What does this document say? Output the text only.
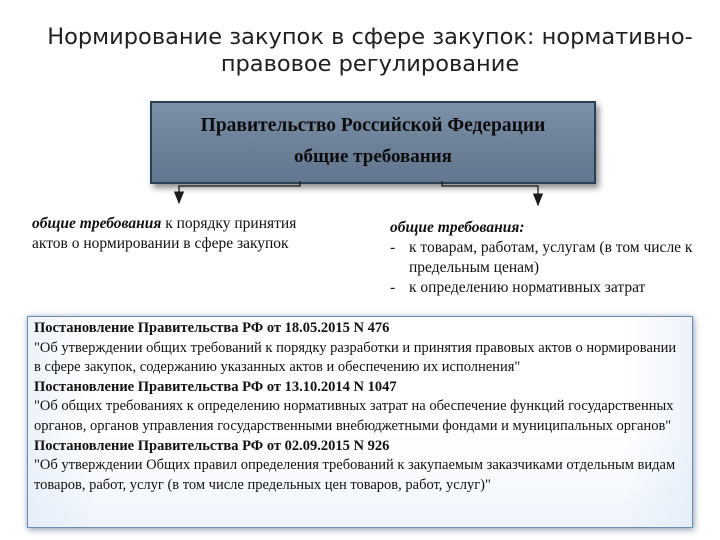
Нормирование закупок в сфере закупок: нормативно-
правовое регулирование
Правительство Российской Федерации
общие требования
общие требования к порядку принятия
актов о нормировании в сфере закупок
общие требования:
- к товарам, работам, услугам (в том числе к предельным ценам)
- к определению нормативных затрат

Постановление Правительства РФ от 18.05.2015 N 476

"Об утверждении общих требований к порядку разработки и принятия правовых актов о нормировании в сфере закупок, содержанию указанных актов и обеспечению их исполнения"

Постановление Правительства РФ от 13.10.2014 N 1047

"Об общих требованиях к определению нормативных затрат на обеспечение функций государственных органов, органов управления государственными внебюджетными фондами и муниципальных органов"

Постановление Правительства РФ от 02.09.2015 N 926

"Об утверждении Общих правил определения требований к закупаемым заказчиками отдельным видам товаров, работ, услуг (в том числе предельных цен товаров, работ, услуг)"
